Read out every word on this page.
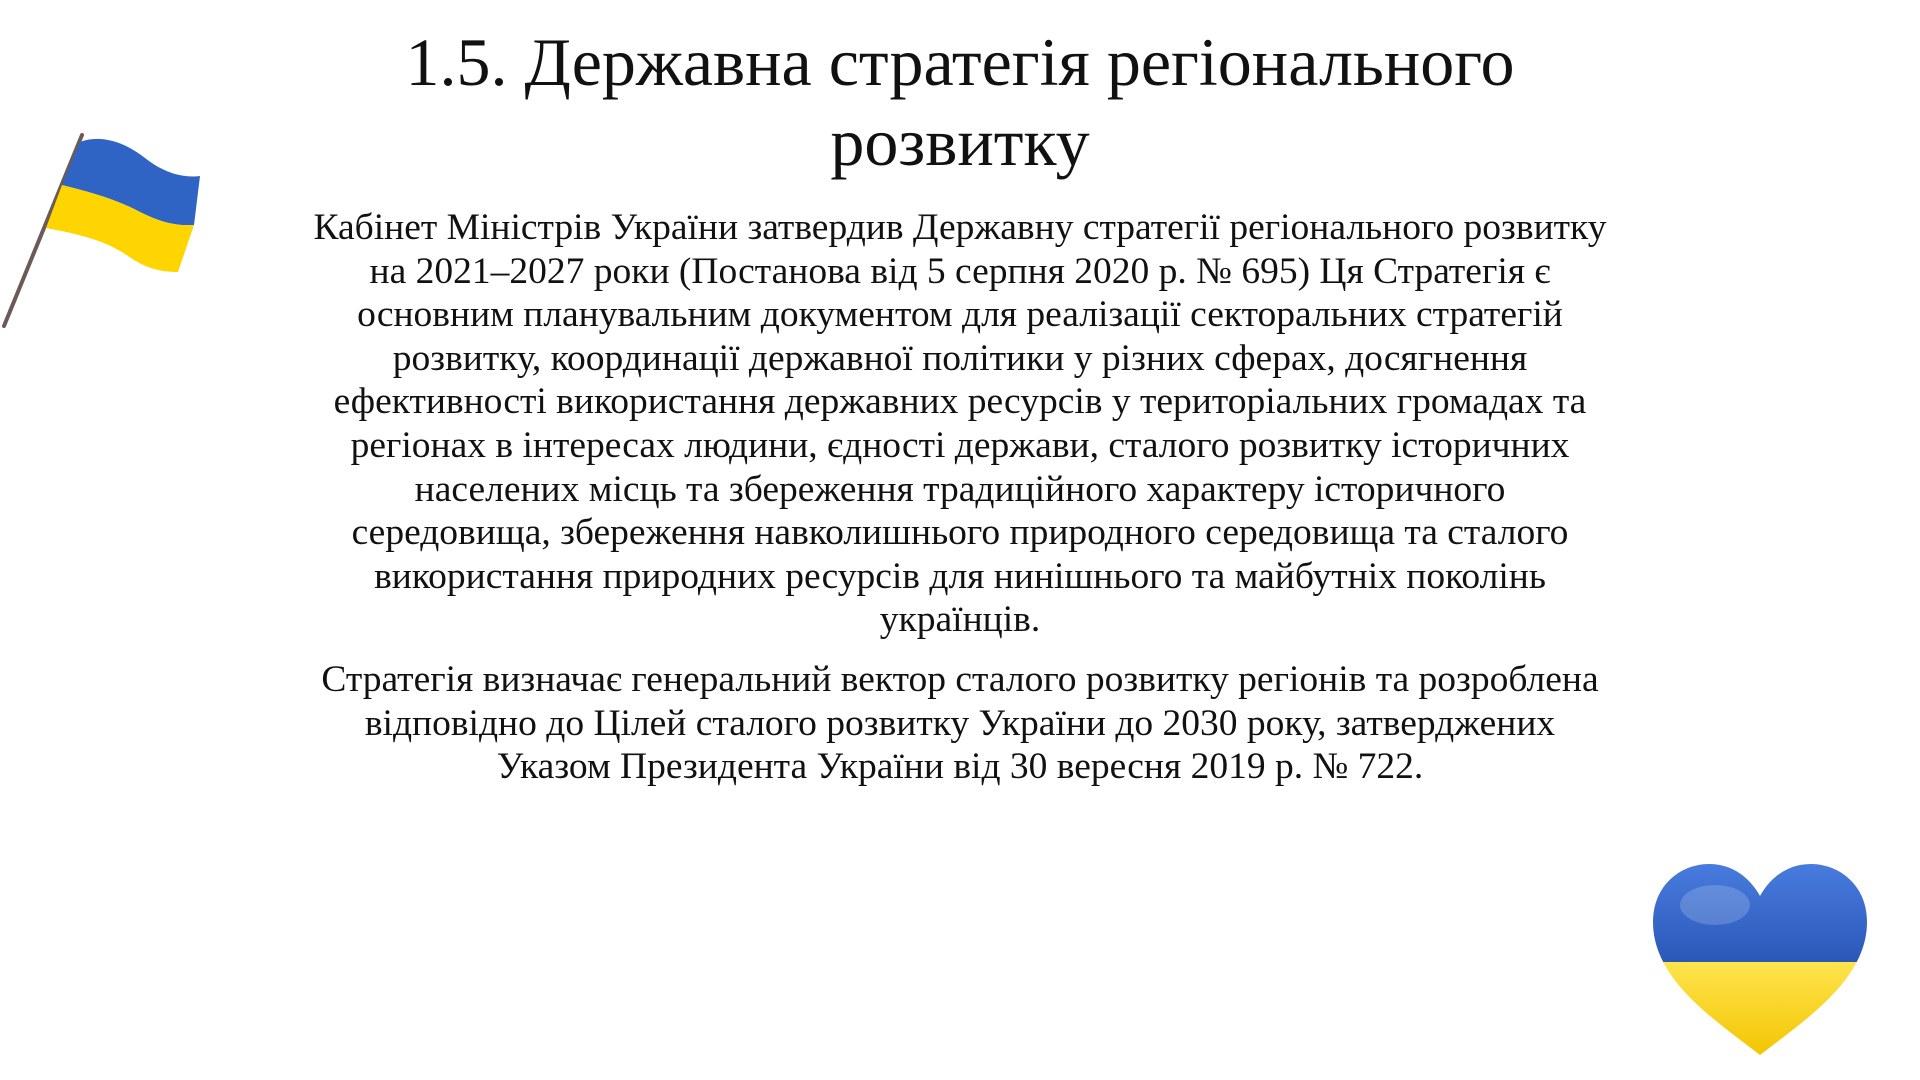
1.5. Державна стратегія регіонального розвитку

Кабінет Міністрів України затвердив Державну стратегії регіонального розвитку на 2021–2027 роки (Постанова від 5 серпня 2020 р. № 695) Ця Стратегія є основним планувальним документом для реалізації секторальних стратегій розвитку, координації державної політики у різних сферах, досягнення ефективності використання державних ресурсів у територіальних громадах та регіонах в інтересах людини, єдності держави, сталого розвитку історичних населених місць та збереження традиційного характеру історичного середовища, збереження навколишнього природного середовища та сталого використання природних ресурсів для нинішнього та майбутніх поколінь українців.

Стратегія визначає генеральний вектор сталого розвитку регіонів та розроблена відповідно до Цілей сталого розвитку України до 2030 року, затверджених Указом Президента України від 30 вересня 2019 р. № 722.
